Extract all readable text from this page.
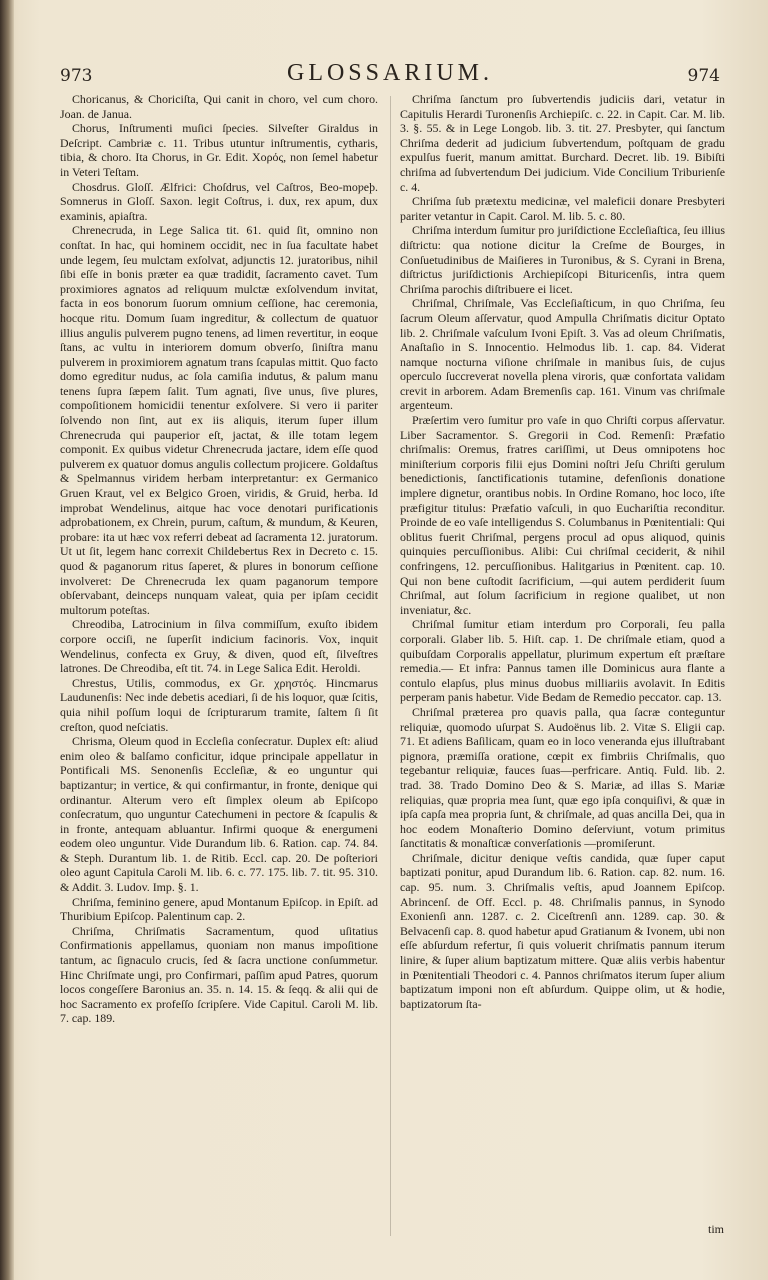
973	GLOSSARIUM.	974

Choricanus, & Choriciſta, Qui canit in choro, vel cum choro. Joan. de Janua.

Chorus, Inſtrumenti muſici ſpecies. Silveſter Giraldus in Deſcript. Cambriæ c. 11. Tribus utuntur inſtrumentis, cytharis, tibia, & choro. Ita Chorus, in Gr. Edit. Χορός, non ſemel habetur in Veteri Teſtam.

Chosdrus. Gloſſ. Ælfrici: Choſdrus, vel Caſtros, Beo-moƿeþ. Somnerus in Gloſſ. Saxon. legit Coſtrus, i. dux, rex apum, dux examinis, apiaſtra.

Chrenecruda, in Lege Salica tit. 61. quid ſit, omnino non conſtat. In hac, qui hominem occidit, nec in ſua facultate habet unde legem, ſeu mulctam exſolvat, adjunctis 12. juratoribus, nihil ſibi eſſe in bonis præter ea quæ tradidit, ſacramento cavet. Tum proximiores agnatos ad reliquum mulctæ exſolvendum invitat, facta in eos bonorum ſuorum omnium ceſſione, hac ceremonia, hocque ritu. Domum ſuam ingreditur, & collectum de quatuor illius angulis pulverem pugno tenens, ad limen revertitur, in eoque ſtans, ac vultu in interiorem domum obverſo, ſiniſtra manu pulverem in proximiorem agnatum trans ſcapulas mittit. Quo facto domo egreditur nudus, ac ſola camiſia indutus, & palum manu tenens ſupra ſæpem ſalit. Tum agnati, ſive unus, ſive plures, compoſitionem homicidii tenentur exſolvere. Si vero ii pariter ſolvendo non ſint, aut ex iis aliquis, iterum ſuper illum Chrenecruda qui pauperior eſt, jactat, & ille totam legem componit. Ex quibus videtur Chrenecruda jactare, idem eſſe quod pulverem ex quatuor domus angulis collectum projicere. Goldaſtus & Spelmannus viridem herbam interpretantur: ex Germanico Gruen Kraut, vel ex Belgico Groen, viridis, & Gruid, herba. Id improbat Wendelinus, aitque hac voce denotari purificationis adprobationem, ex Chrein, purum, caſtum, & mundum, & Keuren, probare: ita ut hæc vox referri debeat ad ſacramenta 12. juratorum. Ut ut ſit, legem hanc correxit Childebertus Rex in Decreto c. 15. quod & paganorum ritus ſaperet, & plures in bonorum ceſſione involveret: De Chrenecruda lex quam paganorum tempore obſervabant, deinceps nunquam valeat, quia per ipſam cecidit multorum poteſtas.

Chreodiba, Latrocinium in ſilva commiſſum, exuſto ibidem corpore occiſi, ne ſuperſit indicium facinoris. Vox, inquit Wendelinus, confecta ex Gruy, & diven, quod eſt, ſilveſtres latrones. De Chreodiba, eſt tit. 74. in Lege Salica Edit. Heroldi.

Chrestus, Utilis, commodus, ex Gr. χρηστός. Hincmarus Laudunenſis: Nec inde debetis acediari, ſi de his loquor, quæ ſcitis, quia nihil poſſum loqui de ſcripturarum tramite, ſaltem ſi ſit creſton, quod neſciatis.

Chrisma, Oleum quod in Eccleſia conſecratur. Duplex eſt: aliud enim oleo & balſamo conficitur, idque principale appellatur in Pontificali MS. Senonenſis Eccleſiæ, & eo unguntur qui baptizantur; in vertice, & qui confirmantur, in fronte, denique qui ordinantur. Alterum vero eſt ſimplex oleum ab Epiſcopo conſecratum, quo unguntur Catechumeni in pectore & ſcapulis & in fronte, antequam abluantur. Infirmi quoque & energumeni eodem oleo unguntur. Vide Durandum lib. 6. Ration. cap. 74. 84. & Steph. Durantum lib. 1. de Ritib. Eccl. cap. 20. De poſteriori oleo agunt Capitula Caroli M. lib. 6. c. 77. 175. lib. 7. tit. 95. 310. & Addit. 3. Ludov. Imp. §. 1.

Chriſma, feminino genere, apud Montanum Epiſcop. in Epiſt. ad Thuribium Epiſcop. Palentinum cap. 2.

Chriſma, Chriſmatis Sacramentum, quod uſitatius Confirmationis appellamus, quoniam non manus impoſitione tantum, ac ſignaculo crucis, ſed & ſacra unctione conſummetur. Hinc Chriſmate ungi, pro Confirmari, paſſim apud Patres, quorum locos congeſſere Baronius an. 35. n. 14. 15. & ſeqq. & alii qui de hoc Sacramento ex profeſſo ſcripſere. Vide Capitul. Caroli M. lib. 7. cap. 189.

Chriſma ſanctum pro ſubvertendis judiciis dari, vetatur in Capitulis Herardi Turonenſis Archiepiſc. c. 22. in Capit. Car. M. lib. 3. §. 55. & in Lege Longob. lib. 3. tit. 27. Presbyter, qui ſanctum Chriſma dederit ad judicium ſubvertendum, poſtquam de gradu expulſus fuerit, manum amittat. Burchard. Decret. lib. 19. Bibiſti chriſma ad ſubvertendum Dei judicium. Vide Concilium Triburienſe c. 4.

Chriſma ſub prætextu medicinæ, vel maleficii donare Presbyteri pariter vetantur in Capit. Carol. M. lib. 5. c. 80.

Chriſma interdum ſumitur pro juriſdictione Eccleſiaſtica, ſeu illius diſtrictu: qua notione dicitur la Creſme de Bourges, in Conſuetudinibus de Maiſieres in Turonibus, & S. Cyrani in Brena, diſtrictus juriſdictionis Archiepiſcopi Bituricenſis, intra quem Chriſma parochis diſtribuere ei licet.

Chriſmal, Chriſmale, Vas Eccleſiaſticum, in quo Chriſma, ſeu ſacrum Oleum aſſervatur, quod Ampulla Chriſmatis dicitur Optato lib. 2. Chriſmale vaſculum Ivoni Epiſt. 3. Vas ad oleum Chriſmatis, Anaſtaſio in S. Innocentio. Helmodus lib. 1. cap. 84. Viderat namque nocturna viſione chriſmale in manibus ſuis, de cujus operculo ſuccreverat novella plena viroris, quæ confortata validam crevit in arborem. Adam Bremenſis cap. 161. Vinum vas chriſmale argenteum.

Præſertim vero ſumitur pro vaſe in quo Chriſti corpus aſſervatur. Liber Sacramentor. S. Gregorii in Cod. Remenſi: Præfatio chriſmalis: Oremus, fratres cariſſimi, ut Deus omnipotens hoc miniſterium corporis filii ejus Domini noſtri Jeſu Chriſti gerulum benedictionis, ſanctificationis tutamine, defenſionis donatione implere dignetur, orantibus nobis. In Ordine Romano, hoc loco, iſte præfigitur titulus: Præfatio vaſculi, in quo Euchariſtia reconditur. Proinde de eo vaſe intelligendus S. Columbanus in Pœnitentiali: Qui oblitus fuerit Chriſmal, pergens procul ad opus aliquod, quinis quinquies percuſſionibus. Alibi: Cui chriſmal ceciderit, & nihil confringens, 12. percuſſionibus. Halitgarius in Pœnitent. cap. 10. Qui non bene cuſtodit ſacrificium, —qui autem perdiderit ſuum Chriſmal, aut ſolum ſacrificium in regione qualibet, ut non inveniatur, &c.

Chriſmal ſumitur etiam interdum pro Corporali, ſeu palla corporali. Glaber lib. 5. Hiſt. cap. 1. De chriſmale etiam, quod a quibuſdam Corporalis appellatur, plurimum expertum eſt præſtare remedia.— Et infra: Pannus tamen ille Dominicus aura flante a contulo elapſus, plus minus duobus milliariis avolavit. In Editis perperam panis habetur. Vide Bedam de Remedio peccator. cap. 13.

Chriſmal præterea pro quavis palla, qua ſacræ conteguntur reliquiæ, quomodo uſurpat S. Audoënus lib. 2. Vitæ S. Eligii cap. 71. Et adiens Baſilicam, quam eo in loco veneranda ejus illuſtrabant pignora, præmiſſa oratione, cœpit ex fimbriis Chriſmalis, quo tegebantur reliquiæ, fauces ſuas—perfricare. Antiq. Fuld. lib. 2. trad. 38. Trado Domino Deo & S. Mariæ, ad illas S. Mariæ reliquias, quæ propria mea ſunt, quæ ego ipſa conquiſivi, & quæ in ipſa capſa mea propria ſunt, & chriſmale, ad quas ancilla Dei, qua in hoc eodem Monaſterio Domino deſerviunt, votum primitus ſanctitatis & monaſticæ converſationis —promiſerunt.

Chriſmale, dicitur denique veſtis candida, quæ ſuper caput baptizati ponitur, apud Durandum lib. 6. Ration. cap. 82. num. 16. cap. 95. num. 3. Chriſmalis veſtis, apud Joannem Epiſcop. Abrincenſ. de Off. Eccl. p. 48. Chriſmalis pannus, in Synodo Exonienſi ann. 1287. c. 2. Ciceſtrenſi ann. 1289. cap. 30. & Belvacenſi cap. 8. quod habetur apud Gratianum & Ivonem, ubi non eſſe abſurdum refertur, ſi quis voluerit chriſmatis pannum iterum linire, & ſuper alium baptizatum mittere. Quæ aliis verbis habentur in Pœnitentiali Theodori c. 4. Pannos chriſmatos iterum ſuper alium baptizatum imponi non eſt abſurdum. Quippe olim, ut & hodie, baptizatorum ſta-

tim
